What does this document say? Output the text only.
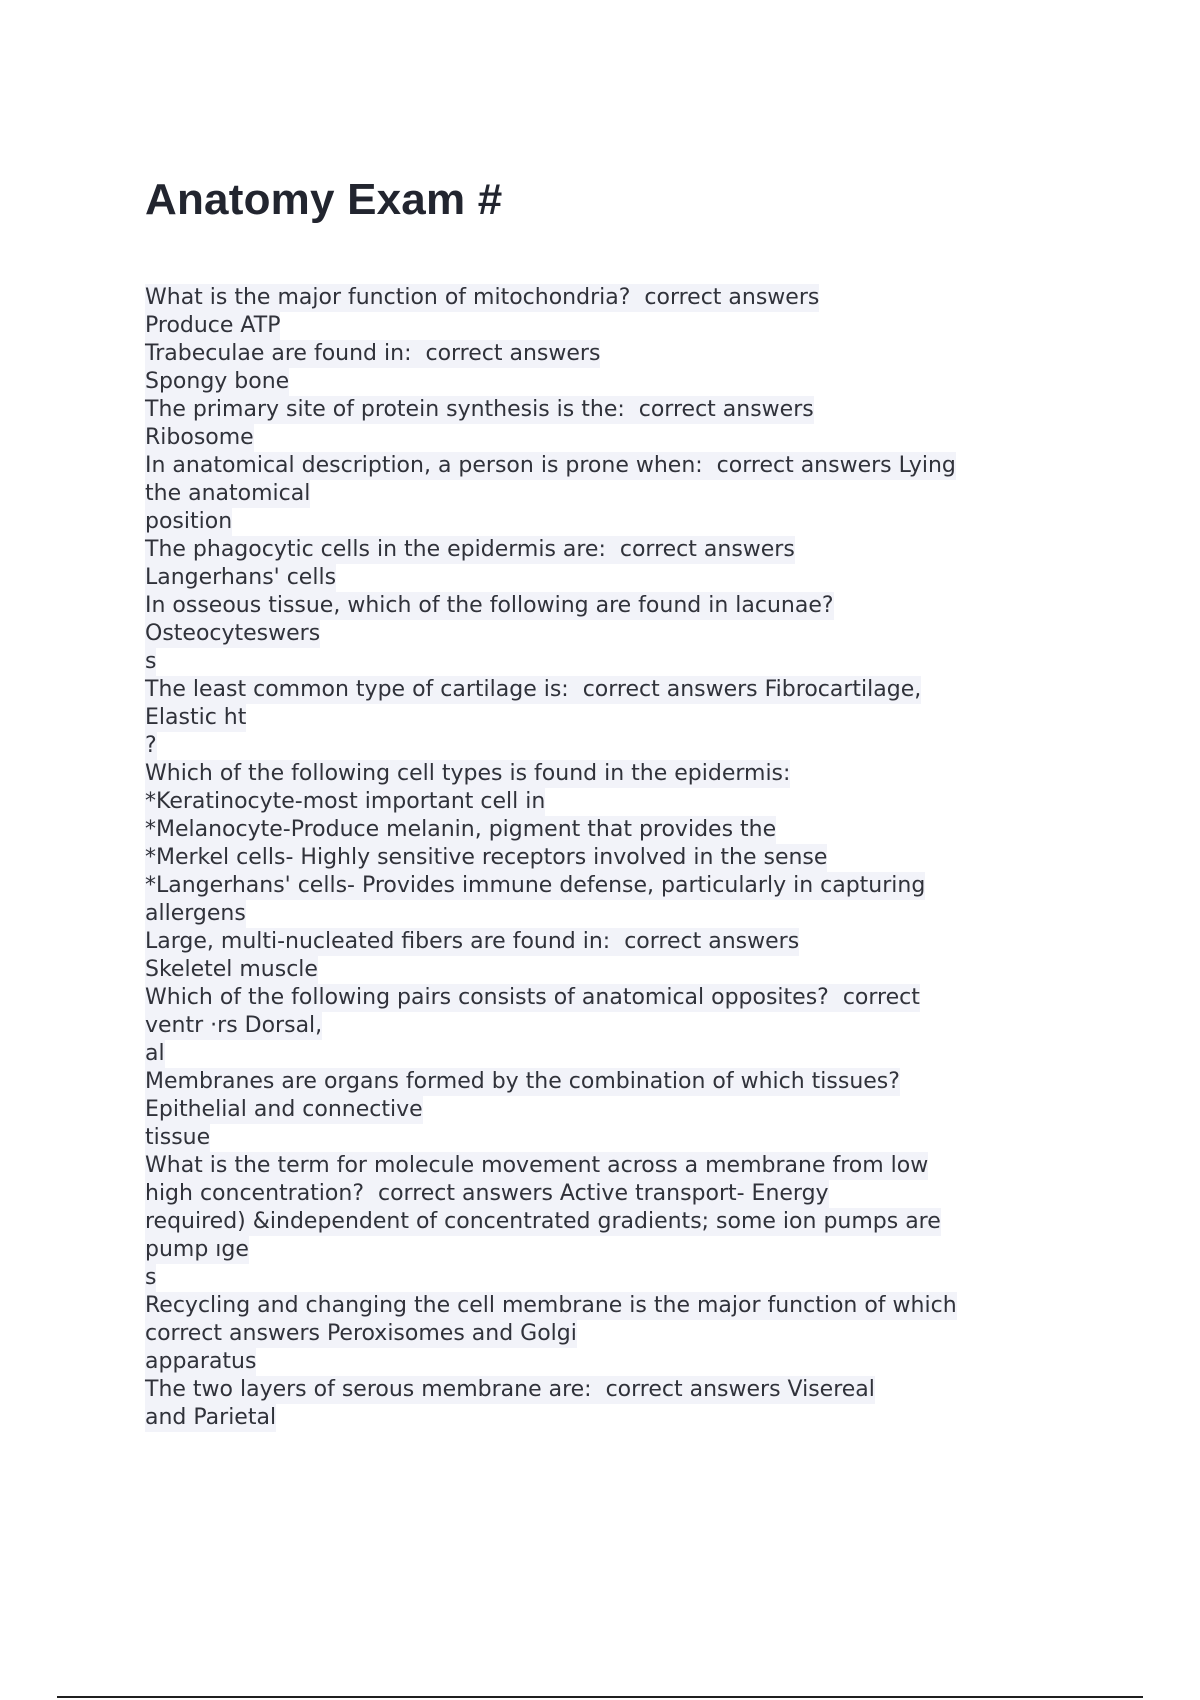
Anatomy Exam #
What is the major function of mitochondria?  correct answers
Produce ATP
Trabeculae are found in:  correct answers
Spongy bone
The primary site of protein synthesis is the:  correct answers
Ribosome
In anatomical description, a person is prone when:  correct answers Lying
the anatomical
position
The phagocytic cells in the epidermis are:  correct answers
Langerhans' cells
In osseous tissue, which of the following are found in lacunae?
Osteocyteswers
s
The least common type of cartilage is:  correct answers Fibrocartilage,
Elastic ht
?
Which of the following cell types is found in the epidermis:
*Keratinocyte-most important cell in
*Melanocyte-Produce melanin, pigment that provides the
*Merkel cells- Highly sensitive receptors involved in the sense
*Langerhans' cells- Provides immune defense, particularly in capturing
allergens
Large, multi-nucleated fibers are found in:  correct answers
Skeletel muscle
Which of the following pairs consists of anatomical opposites?  correct
ventr ·rs Dorsal,
al
Membranes are organs formed by the combination of which tissues?
Epithelial and connective
tissue
What is the term for molecule movement across a membrane from low
high concentration?  correct answers Active transport- Energy
required) &independent of concentrated gradients; some ion pumps are
pump ıge
s
Recycling and changing the cell membrane is the major function of which
correct answers Peroxisomes and Golgi
apparatus
The two layers of serous membrane are:  correct answers Visereal
and Parietal
